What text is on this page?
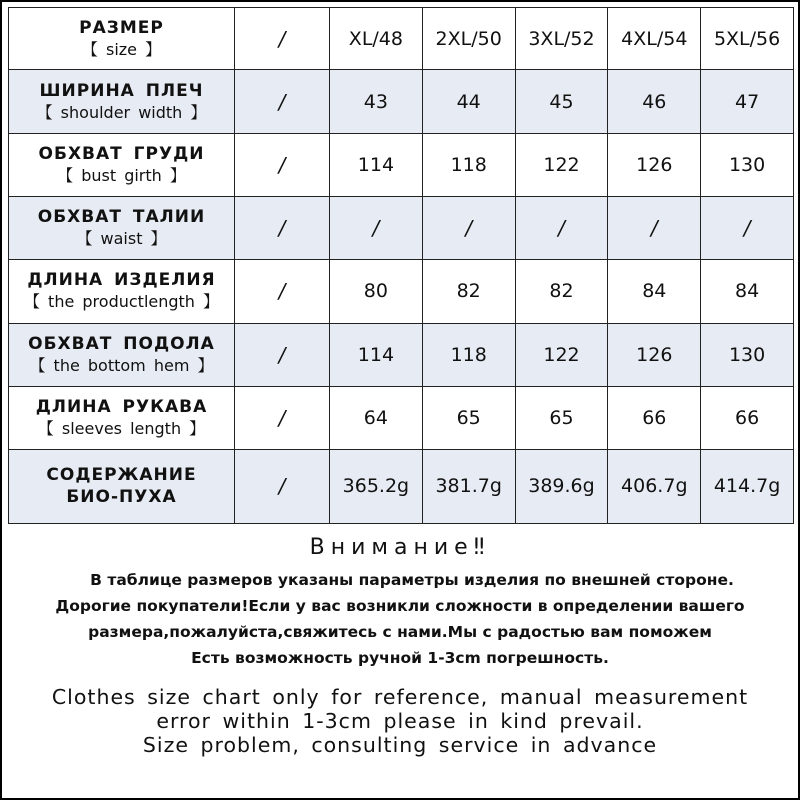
РАЗМЕР
【 size 】	/	XL/48	2XL/50	3XL/52	4XL/54	5XL/56

ШИРИНА ПЛЕЧ
【 shoulder width 】	/	43	44	45	46	47

ОБХВАТ ГРУДИ
【 bust girth 】	/	114	118	122	126	130

ОБХВАТ ТАЛИИ
【 waist 】	/	/	/	/	/	/

ДЛИНА ИЗДЕЛИЯ
【 the productlength 】	/	80	82	82	84	84

ОБХВАТ ПОДОЛА
【 the bottom hem 】	/	114	118	122	126	130

ДЛИНА РУКАВА
【 sleeves length 】	/	64	65	65	66	66

СОДЕРЖАНИЕ
БИО-ПУХА	/	365.2g	381.7g	389.6g	406.7g	414.7g
Внимание‼
В таблице размеров указаны параметры изделия по внешней стороне.
Дорогие покупатели!Если у вас возникли сложности в определении вашего
размера,пожалуйста,свяжитесь с нами.Мы с радостью вам поможем
Есть возможность ручной 1-3cm погрешность.
Clothes size chart only for reference, manual measurement
error within 1-3cm please in kind prevail.
Size problem, consulting service in advance
